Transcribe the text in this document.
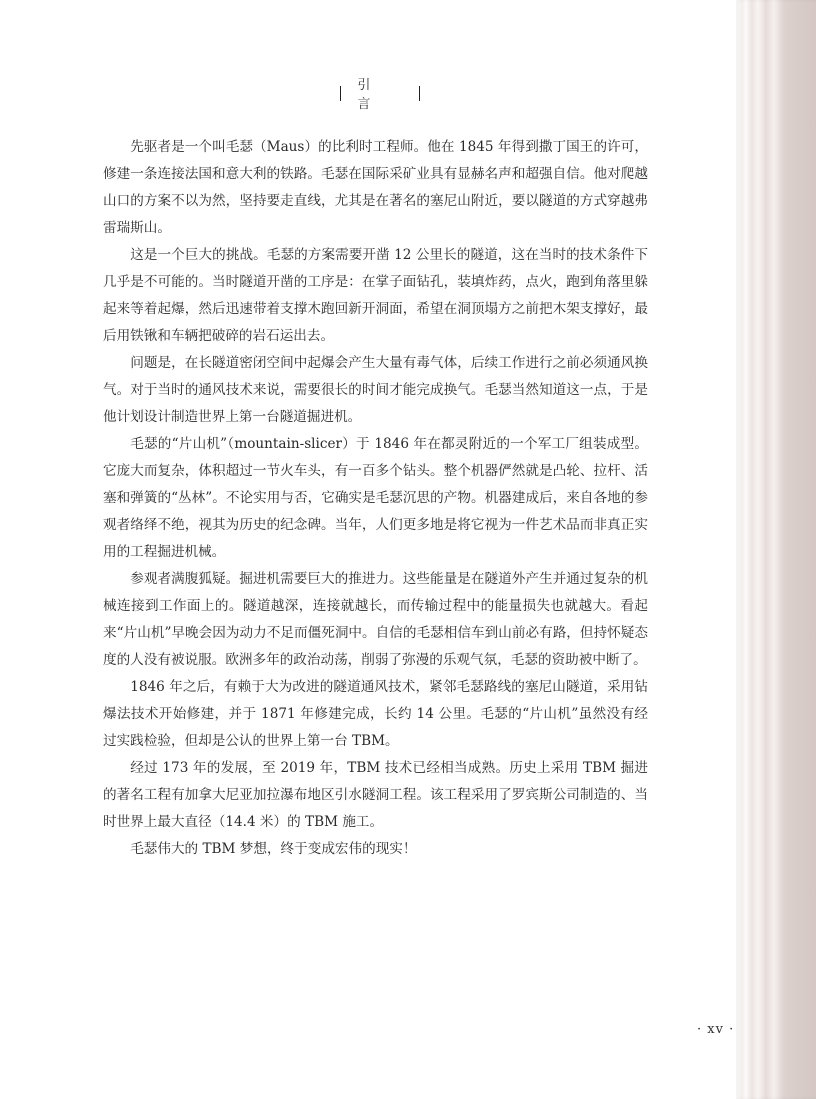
引　言

先驱者是一个叫毛瑟（Maus）的比利时工程师。他在 1845 年得到撒丁国王的许可，修建一条连接法国和意大利的铁路。毛瑟在国际采矿业具有显赫名声和超强自信。他对爬越山口的方案不以为然，坚持要走直线，尤其是在著名的塞尼山附近，要以隧道的方式穿越弗雷瑞斯山。

这是一个巨大的挑战。毛瑟的方案需要开凿 12 公里长的隧道，这在当时的技术条件下几乎是不可能的。当时隧道开凿的工序是：在掌子面钻孔，装填炸药，点火，跑到角落里躲起来等着起爆，然后迅速带着支撑木跑回新开洞面，希望在洞顶塌方之前把木架支撑好，最后用铁锹和车辆把破碎的岩石运出去。

问题是，在长隧道密闭空间中起爆会产生大量有毒气体，后续工作进行之前必须通风换气。对于当时的通风技术来说，需要很长的时间才能完成换气。毛瑟当然知道这一点，于是他计划设计制造世界上第一台隧道掘进机。

毛瑟的“片山机”（mountain-slicer）于 1846 年在都灵附近的一个军工厂组装成型。它庞大而复杂，体积超过一节火车头，有一百多个钻头。整个机器俨然就是凸轮、拉杆、活塞和弹簧的“丛林”。不论实用与否，它确实是毛瑟沉思的产物。机器建成后，来自各地的参观者络绎不绝，视其为历史的纪念碑。当年，人们更多地是将它视为一件艺术品而非真正实用的工程掘进机械。

参观者满腹狐疑。掘进机需要巨大的推进力。这些能量是在隧道外产生并通过复杂的机械连接到工作面上的。隧道越深，连接就越长，而传输过程中的能量损失也就越大。看起来“片山机”早晚会因为动力不足而僵死洞中。自信的毛瑟相信车到山前必有路，但持怀疑态度的人没有被说服。欧洲多年的政治动荡，削弱了弥漫的乐观气氛，毛瑟的资助被中断了。

1846 年之后，有赖于大为改进的隧道通风技术，紧邻毛瑟路线的塞尼山隧道，采用钻爆法技术开始修建，并于 1871 年修建完成，长约 14 公里。毛瑟的“片山机”虽然没有经过实践检验，但却是公认的世界上第一台 TBM。

经过 173 年的发展，至 2019 年，TBM 技术已经相当成熟。历史上采用 TBM 掘进的著名工程有加拿大尼亚加拉瀑布地区引水隧洞工程。该工程采用了罗宾斯公司制造的、当时世界上最大直径（14.4 米）的 TBM 施工。

毛瑟伟大的 TBM 梦想，终于变成宏伟的现实！

· xv ·
